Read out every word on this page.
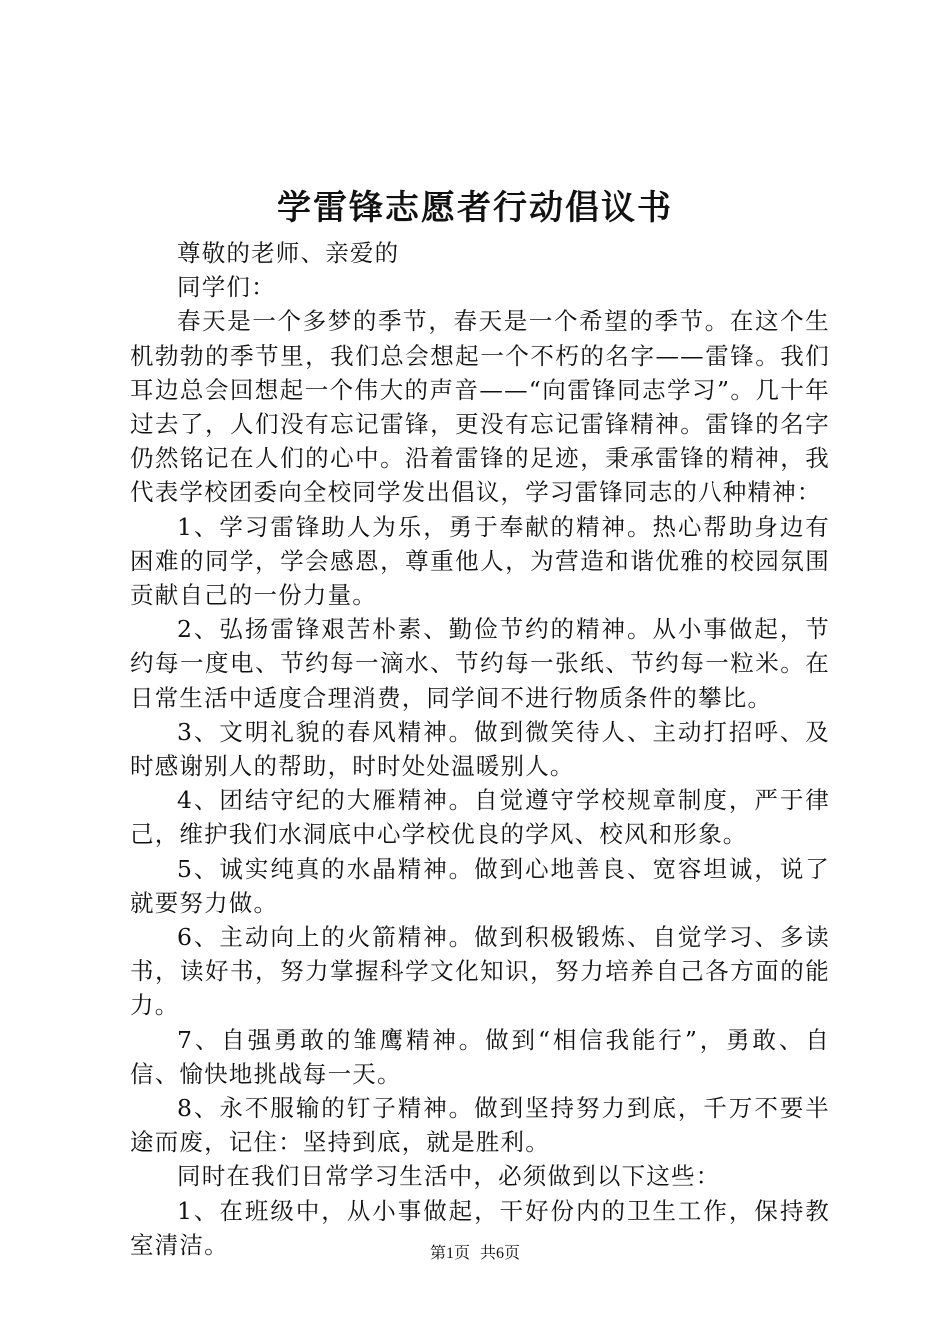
学雷锋志愿者行动倡议书

尊敬的老师、亲爱的

同学们：

春天是一个多梦的季节，春天是一个希望的季节。在这个生机勃勃的季节里，我们总会想起一个不朽的名字——雷锋。我们耳边总会回想起一个伟大的声音——“向雷锋同志学习”。几十年过去了，人们没有忘记雷锋，更没有忘记雷锋精神。雷锋的名字仍然铭记在人们的心中。沿着雷锋的足迹，秉承雷锋的精神，我代表学校团委向全校同学发出倡议，学习雷锋同志的八种精神：

1、学习雷锋助人为乐，勇于奉献的精神。热心帮助身边有困难的同学，学会感恩，尊重他人，为营造和谐优雅的校园氛围贡献自己的一份力量。

2、弘扬雷锋艰苦朴素、勤俭节约的精神。从小事做起，节约每一度电、节约每一滴水、节约每一张纸、节约每一粒米。在日常生活中适度合理消费，同学间不进行物质条件的攀比。

3、文明礼貌的春风精神。做到微笑待人、主动打招呼、及时感谢别人的帮助，时时处处温暖别人。

4、团结守纪的大雁精神。自觉遵守学校规章制度，严于律己，维护我们水洞底中心学校优良的学风、校风和形象。

5、诚实纯真的水晶精神。做到心地善良、宽容坦诚，说了就要努力做。

6、主动向上的火箭精神。做到积极锻炼、自觉学习、多读书，读好书，努力掌握科学文化知识，努力培养自己各方面的能力。

7、自强勇敢的雏鹰精神。做到“相信我能行”，勇敢、自信、愉快地挑战每一天。

8、永不服输的钉子精神。做到坚持努力到底，千万不要半途而废，记住：坚持到底，就是胜利。

同时在我们日常学习生活中，必须做到以下这些：

1、在班级中，从小事做起，干好份内的卫生工作，保持教室清洁。	第1页 共6页
